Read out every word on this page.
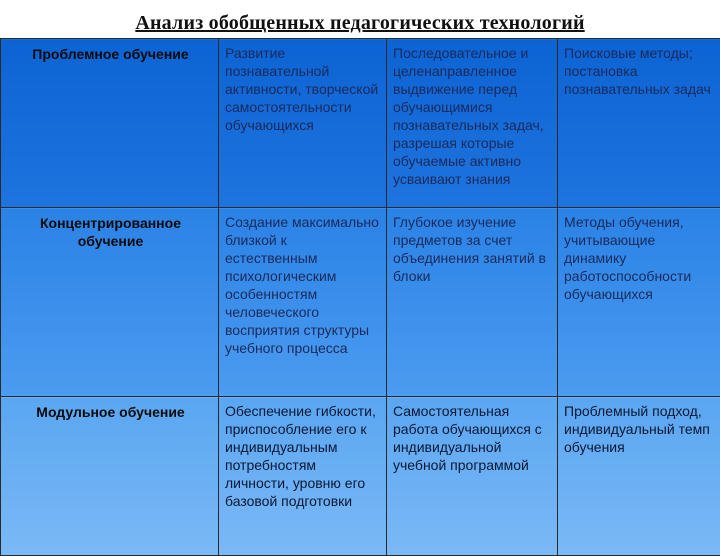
Анализ обобщенных педагогических технологий
Проблемное обучение	Развитие познавательной активности, творческой самостоятельности обучающихся	Последовательное и целенаправленное выдвижение перед обучающимися познавательных задач, разрешая которые обучаемые активно усваивают знания	Поисковые методы; постановка познавательных задач
Концентрированное обучение	Создание максимально близкой к естественным психологическим особенностям человеческого восприятия структуры учебного процесса	Глубокое изучение предметов за счет объединения занятий в блоки	Методы обучения, учитывающие динамику работоспособности обучающихся
Модульное обучение	Обеспечение гибкости, приспособление его к индивидуальным потребностям личности, уровню его базовой подготовки	Самостоятельная работа обучающихся с индивидуальной учебной программой	Проблемный подход, индивидуальный темп обучения
